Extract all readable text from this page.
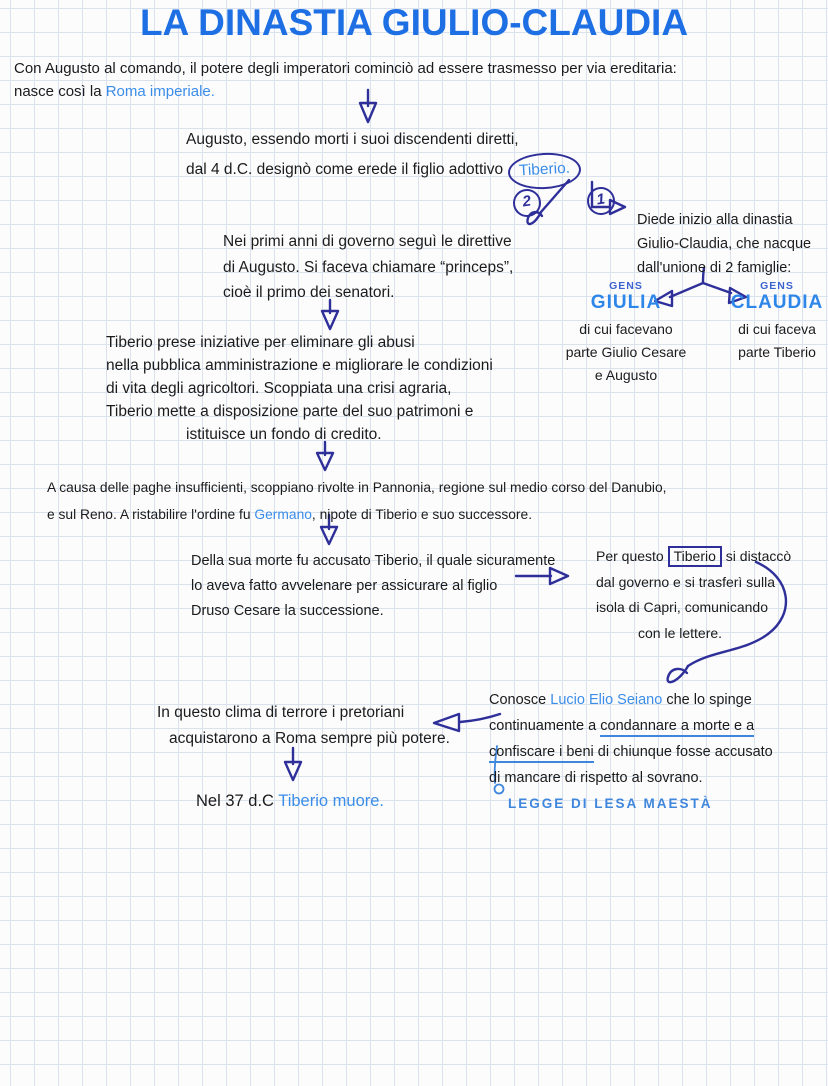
LA DINASTIA GIULIO-CLAUDIA
Con Augusto al comando, il potere degli imperatori cominciò ad essere trasmesso per via ereditaria:
nasce così la Roma imperiale.
Augusto, essendo morti i suoi discendenti diretti,
dal 4 d.C. designò come erede il figlio adottivo Tiberio.
2	1
Diede inizio alla dinastia
Giulio-Claudia, che nacque
dall'unione di 2 famiglie:
GENS
GIULIA
di cui facevano
parte Giulio Cesare
e Augusto
GENS
CLAUDIA
di cui faceva
parte Tiberio
Nei primi anni di governo seguì le direttive
di Augusto. Si faceva chiamare “princeps”,
cioè il primo dei senatori.
Tiberio prese iniziative per eliminare gli abusi
nella pubblica amministrazione e migliorare le condizioni
di vita degli agricoltori. Scoppiata una crisi agraria,
Tiberio mette a disposizione parte del suo patrimoni e
istituisce un fondo di credito.
A causa delle paghe insufficienti, scoppiano rivolte in Pannonia, regione sul medio corso del Danubio,
e sul Reno. A ristabilire l'ordine fu Germano, nipote di Tiberio e suo successore.
Della sua morte fu accusato Tiberio, il quale sicuramente
lo aveva fatto avvelenare per assicurare al figlio
Druso Cesare la successione.
Per questo Tiberio si distaccò
dal governo e si trasferì sulla
isola di Capri, comunicando
con le lettere.
Conosce Lucio Elio Seiano che lo spinge
continuamente a condannare a morte e a
confiscare i beni di chiunque fosse accusato
di mancare di rispetto al sovrano.
LEGGE DI LESA MAESTÀ
In questo clima di terrore i pretoriani
acquistarono a Roma sempre più potere.
Nel 37 d.C Tiberio muore.
